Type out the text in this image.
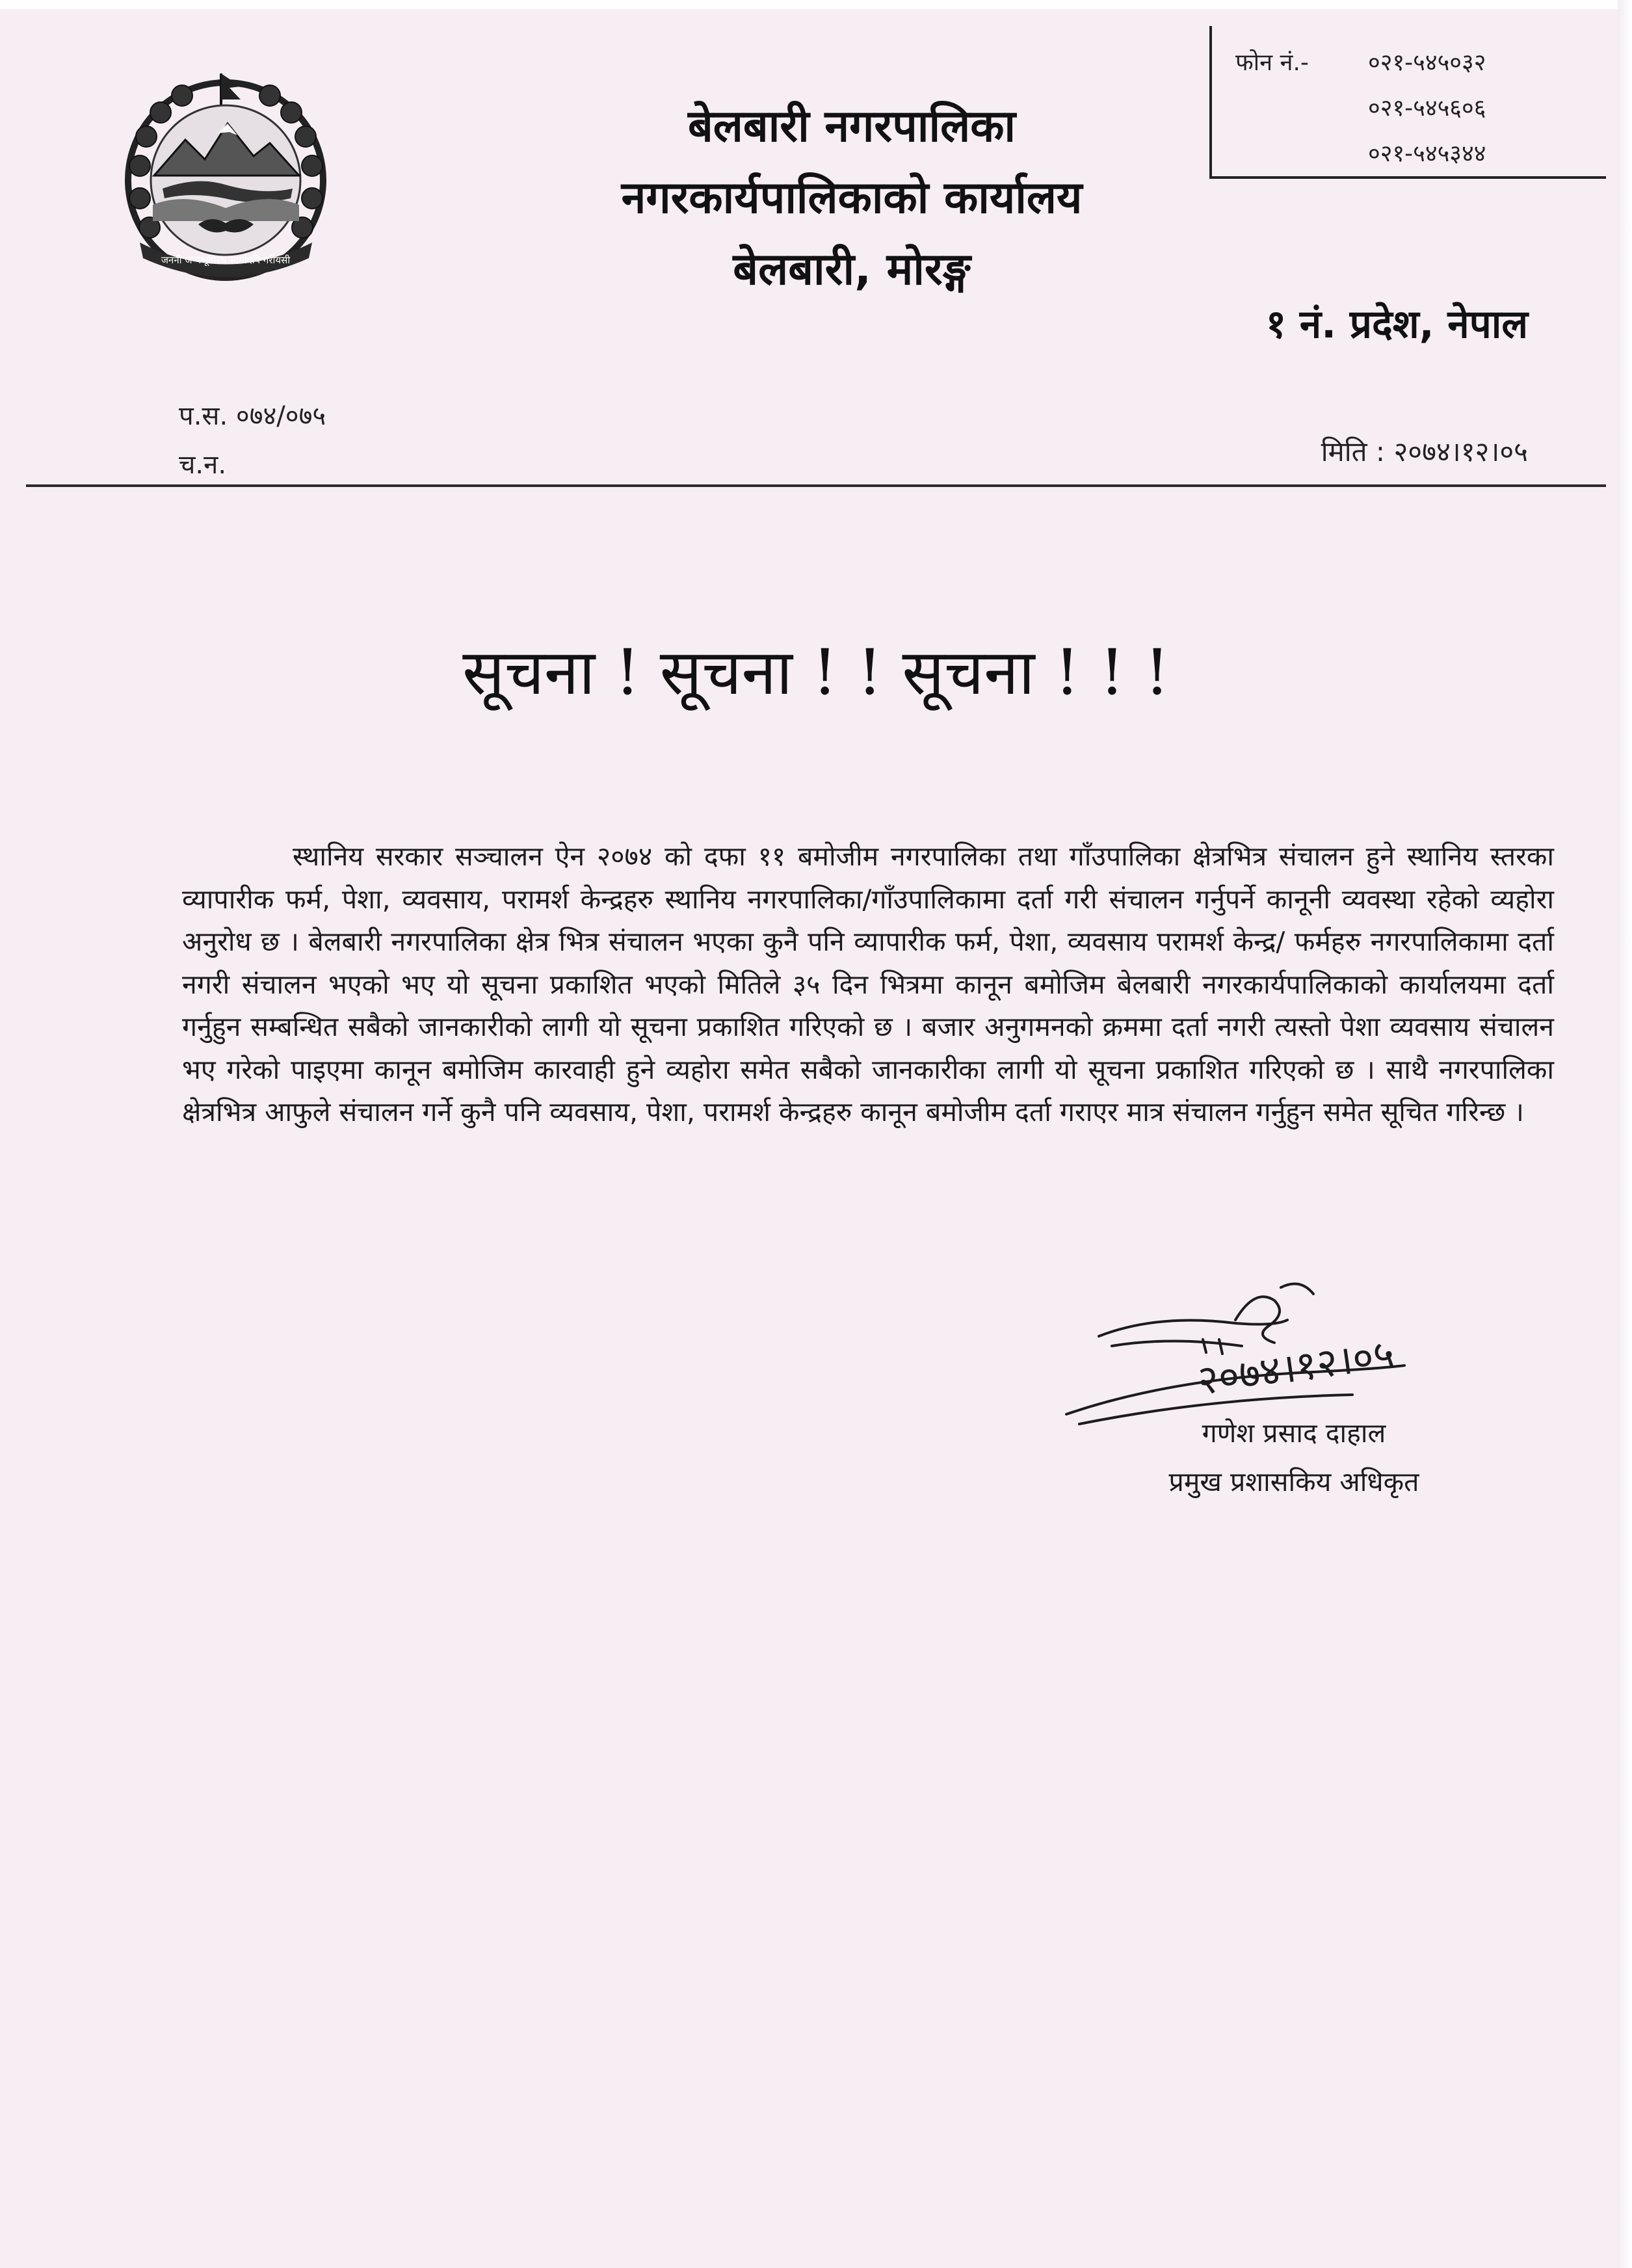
जननी जन्मभूमिश्च स्वर्गादपि गरीयसी
बेलबारी नगरपालिका
नगरकार्यपालिकाको कार्यालय
बेलबारी, मोरङ्ग
फोन नं.-	०२१-५४५०३२
०२१-५४५६०६
०२१-५४५३४४
१ नं. प्रदेश, नेपाल
प.स. ०७४/०७५
च.न.	मिति : २०७४।१२।०५
सूचना ! सूचना ! ! सूचना ! ! !
स्थानिय सरकार सञ्चालन ऐन २०७४ को दफा ११ बमोजीम नगरपालिका तथा गाँउपालिका क्षेत्रभित्र संचालन हुने स्थानिय स्तरका व्यापारीक फर्म, पेशा, व्यवसाय, परामर्श केन्द्रहरु स्थानिय नगरपालिका/गाँउपालिकामा दर्ता गरी संचालन गर्नुपर्ने कानूनी व्यवस्था रहेको व्यहोरा अनुरोध छ । बेलबारी नगरपालिका क्षेत्र भित्र संचालन भएका कुनै पनि व्यापारीक फर्म, पेशा, व्यवसाय परामर्श केन्द्र/ फर्महरु नगरपालिकामा दर्ता नगरी संचालन भएको भए यो सूचना प्रकाशित भएको मितिले ३५ दिन भित्रमा कानून बमोजिम बेलबारी नगरकार्यपालिकाको कार्यालयमा दर्ता गर्नुहुन सम्बन्धित सबैको जानकारीको लागी यो सूचना प्रकाशित गरिएको छ । बजार अनुगमनको क्रममा दर्ता नगरी त्यस्तो पेशा व्यवसाय संचालन भए गरेको पाइएमा कानून बमोजिम कारवाही हुने व्यहोरा समेत सबैको जानकारीका लागी यो सूचना प्रकाशित गरिएको छ । साथै नगरपालिका क्षेत्रभित्र आफुले संचालन गर्ने कुनै पनि व्यवसाय, पेशा, परामर्श केन्द्रहरु कानून बमोजीम दर्ता गराएर मात्र संचालन गर्नुहुन समेत सूचित गरिन्छ ।
२०७४।१२।०५
गणेश प्रसाद दाहाल
प्रमुख प्रशासकिय अधिकृत
